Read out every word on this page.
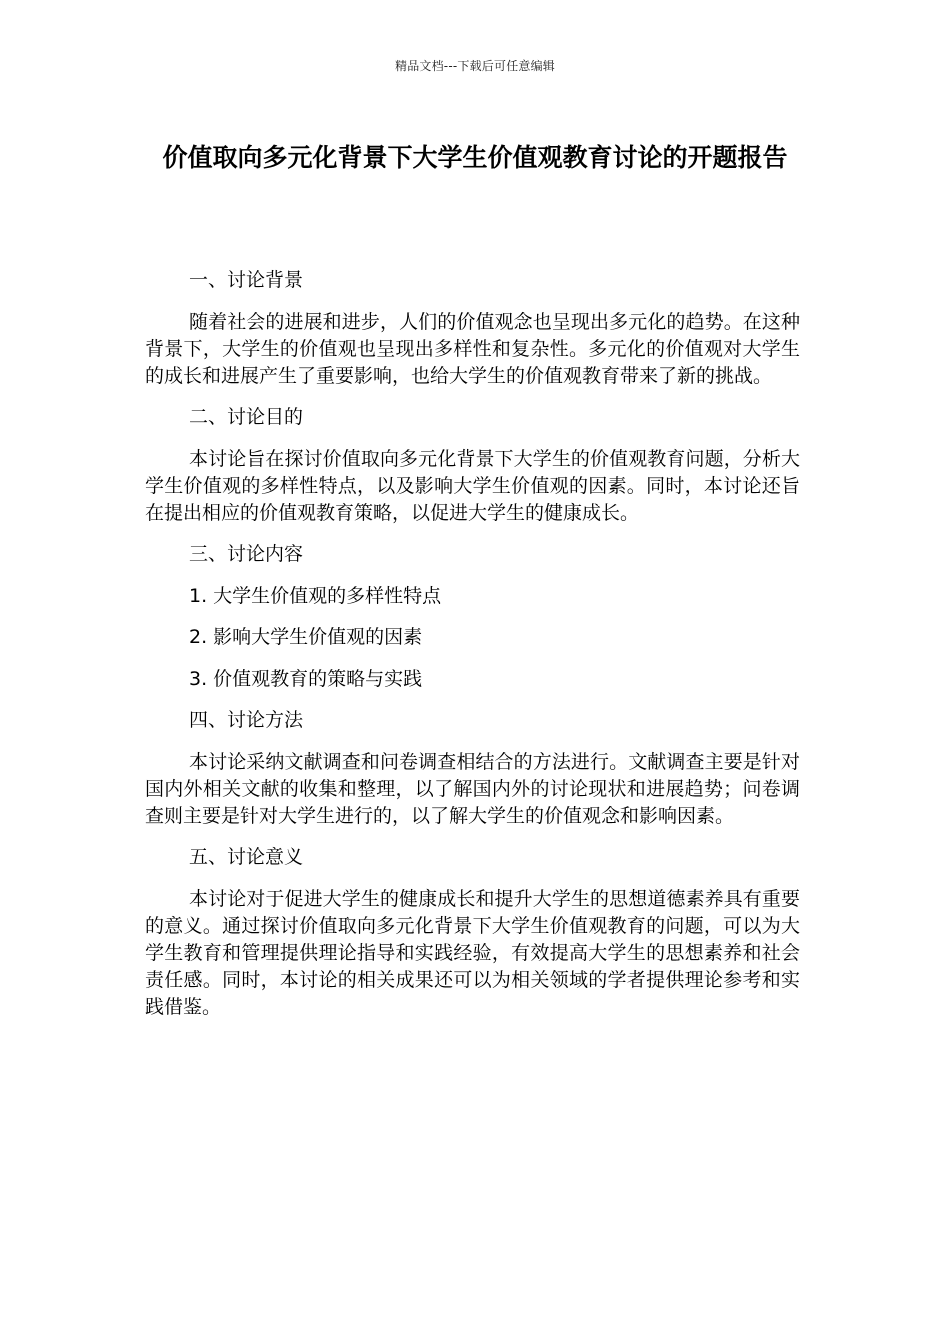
精品文档---下载后可任意编辑
价值取向多元化背景下大学生价值观教育讨论的开题报告

一、讨论背景

随着社会的进展和进步，人们的价值观念也呈现出多元化的趋势。在这种背景下，大学生的价值观也呈现出多样性和复杂性。多元化的价值观对大学生的成长和进展产生了重要影响，也给大学生的价值观教育带来了新的挑战。

二、讨论目的

本讨论旨在探讨价值取向多元化背景下大学生的价值观教育问题，分析大学生价值观的多样性特点，以及影响大学生价值观的因素。同时，本讨论还旨在提出相应的价值观教育策略，以促进大学生的健康成长。

三、讨论内容

1. 大学生价值观的多样性特点

2. 影响大学生价值观的因素

3. 价值观教育的策略与实践

四、讨论方法

本讨论采纳文献调查和问卷调查相结合的方法进行。文献调查主要是针对国内外相关文献的收集和整理，以了解国内外的讨论现状和进展趋势；问卷调查则主要是针对大学生进行的，以了解大学生的价值观念和影响因素。

五、讨论意义

本讨论对于促进大学生的健康成长和提升大学生的思想道德素养具有重要的意义。通过探讨价值取向多元化背景下大学生价值观教育的问题，可以为大学生教育和管理提供理论指导和实践经验，有效提高大学生的思想素养和社会责任感。同时，本讨论的相关成果还可以为相关领域的学者提供理论参考和实践借鉴。
